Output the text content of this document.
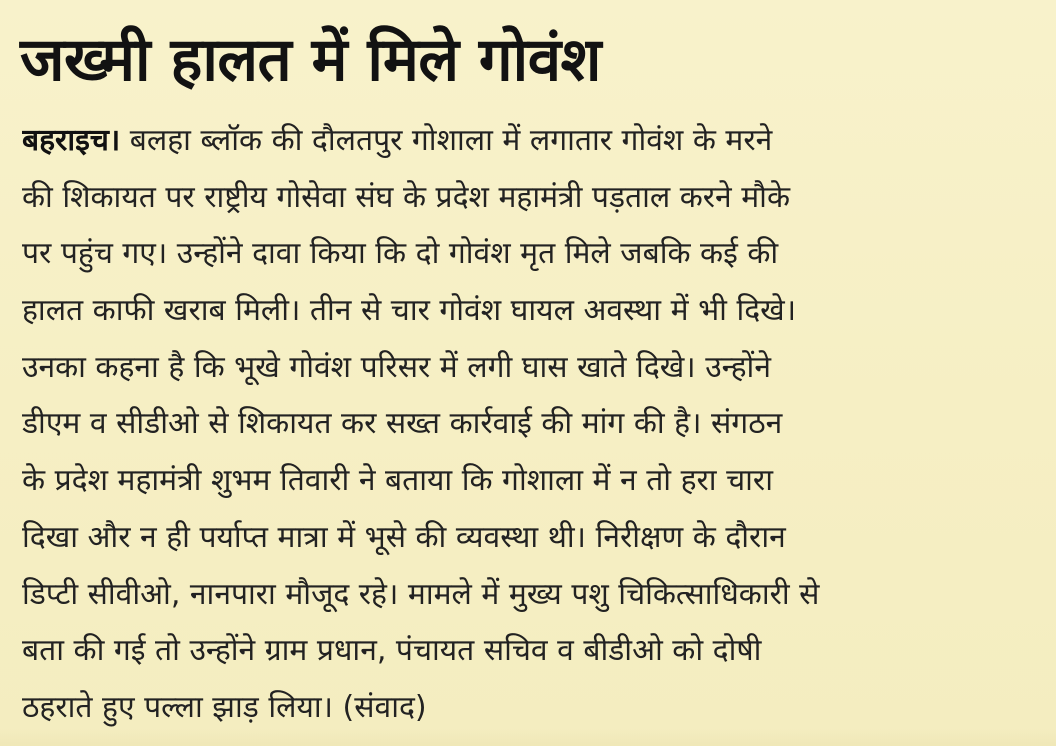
जख्मी हालत में मिले गोवंश
बहराइच। बलहा ब्लॉक की दौलतपुर गोशाला में लगातार गोवंश के मरने
की शिकायत पर राष्ट्रीय गोसेवा संघ के प्रदेश महामंत्री पड़ताल करने मौके
पर पहुंच गए। उन्होंने दावा किया कि दो गोवंश मृत मिले जबकि कई की
हालत काफी खराब मिली। तीन से चार गोवंश घायल अवस्था में भी दिखे।
उनका कहना है कि भूखे गोवंश परिसर में लगी घास खाते दिखे। उन्होंने
डीएम व सीडीओ से शिकायत कर सख्त कार्रवाई की मांग की है। संगठन
के प्रदेश महामंत्री शुभम तिवारी ने बताया कि गोशाला में न तो हरा चारा
दिखा और न ही पर्याप्त मात्रा में भूसे की व्यवस्था थी। निरीक्षण के दौरान
डिप्टी सीवीओ, नानपारा मौजूद रहे। मामले में मुख्य पशु चिकित्साधिकारी से
बता की गई तो उन्होंने ग्राम प्रधान, पंचायत सचिव व बीडीओ को दोषी
ठहराते हुए पल्ला झाड़ लिया। (संवाद)
